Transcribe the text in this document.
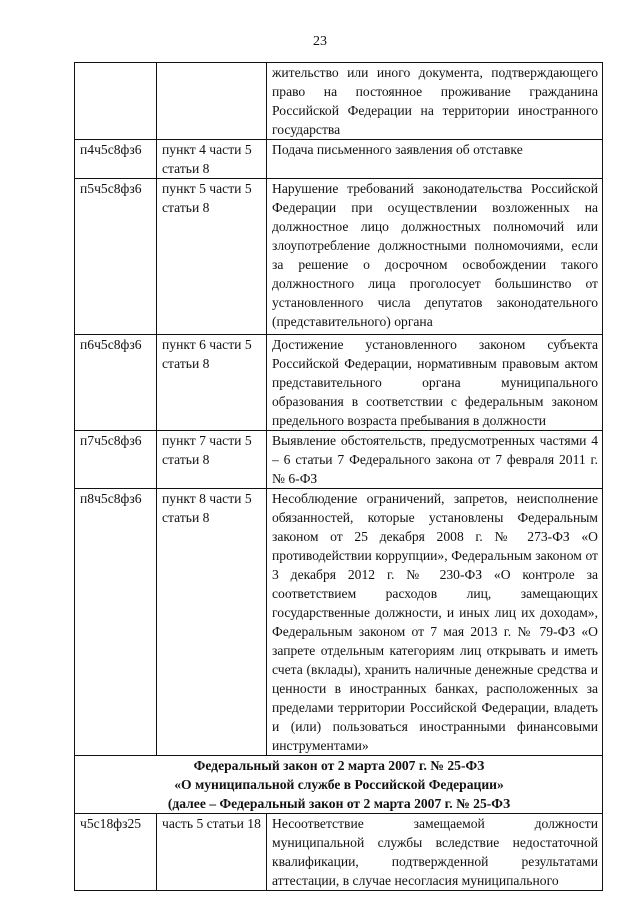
23
		жительство или иного документа, подтверждающего право на постоянное проживание гражданина Российской Федерации на территории иностранного государства
п4ч5с8фз6	пункт 4 части 5 статьи 8	Подача письменного заявления об отставке
п5ч5с8фз6	пункт 5 части 5 статьи 8	Нарушение требований законодательства Российской Федерации при осуществлении возложенных на должностное лицо должностных полномочий или злоупотребление должностными полномочиями, если за решение о досрочном освобождении такого должностного лица проголосует большинство от установленного числа депутатов законодательного (представительного) органа
п6ч5с8фз6	пункт 6 части 5 статьи 8	Достижение установленного законом субъекта Российской Федерации, нормативным правовым актом представительного органа муниципального образования в соответствии с федеральным законом предельного возраста пребывания в должности
п7ч5с8фз6	пункт 7 части 5 статьи 8	Выявление обстоятельств, предусмотренных частями 4 – 6 статьи 7 Федерального закона от 7 февраля 2011 г. № 6-ФЗ
п8ч5с8фз6	пункт 8 части 5 статьи 8	Несоблюдение ограничений, запретов, неисполнение обязанностей, которые установлены Федеральным законом от 25 декабря 2008 г. № 273-ФЗ «О противодействии коррупции», Федеральным законом от 3 декабря 2012 г. № 230-ФЗ «О контроле за соответствием расходов лиц, замещающих государственные должности, и иных лиц их доходам», Федеральным законом от 7 мая 2013 г. № 79-ФЗ «О запрете отдельным категориям лиц открывать и иметь счета (вклады), хранить наличные денежные средства и ценности в иностранных банках, расположенных за пределами территории Российской Федерации, владеть и (или) пользоваться иностранными финансовыми инструментами»

Федеральный закон от 2 марта 2007 г. № 25-ФЗ
«О муниципальной службе в Российской Федерации»
(далее – Федеральный закон от 2 марта 2007 г. № 25-ФЗ		

ч5с18фз25	часть 5 статьи 18	Несоответствие замещаемой должности муниципальной службы вследствие недостаточной квалификации, подтвержденной результатами аттестации, в случае несогласия муниципального
